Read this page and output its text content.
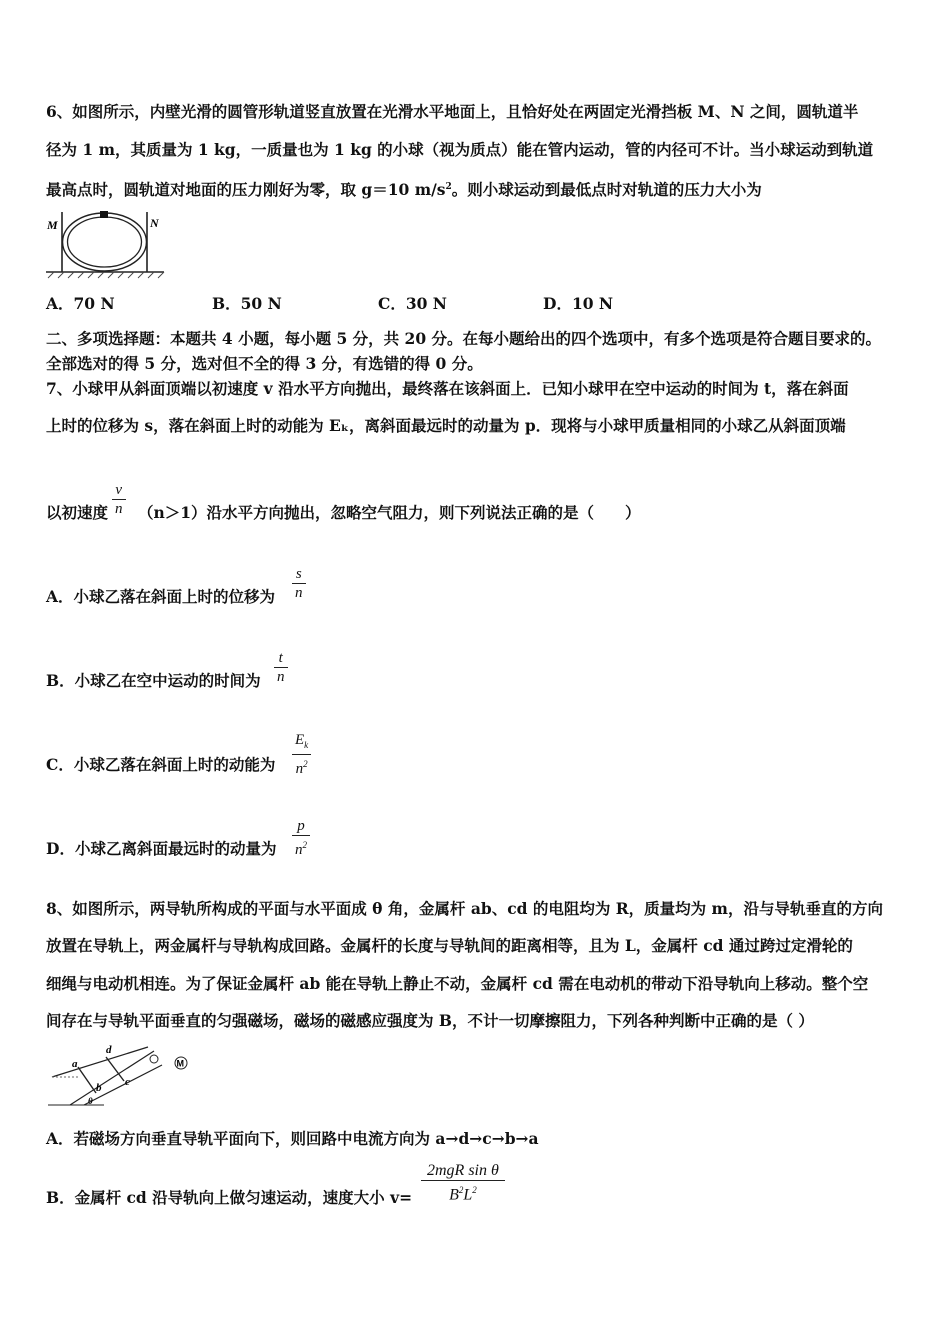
6、如图所示，内壁光滑的圆管形轨道竖直放置在光滑水平地面上，且恰好处在两固定光滑挡板 M、N 之间，圆轨道半
径为 1 m，其质量为 1 kg，一质量也为 1 kg 的小球（视为质点）能在管内运动，管的内径可不计。当小球运动到轨道
最高点时，圆轨道对地面的压力刚好为零，取 g＝10 $m/s^2$。则小球运动到最低点时对轨道的压力大小为
M	N
A．70 N	B．50 N	C．30 N	D．10 N
二、多项选择题：本题共 4 小题，每小题 5 分，共 20 分。在每小题给出的四个选项中，有多个选项是符合题目要求的。
全部选对的得 5 分，选对但不全的得 3 分，有选错的得 0 分。
7、小球甲从斜面顶端以初速度 v 沿水平方向抛出，最终落在该斜面上．已知小球甲在空中运动的时间为 t，落在斜面
上时的位移为 s，落在斜面上时的动能为 Eₖ，离斜面最远时的动量为 p．现将与小球甲质量相同的小球乙从斜面顶端
以初速度 $\frac{v}{n} (n>1)$沿水平方向抛出，忽略空气阻力，则下列说法正确的是（　　）
A．小球乙落在斜面上时的位移为 $\frac{s}{n}$
B．小球乙在空中运动的时间为 $\frac{t}{n}$
C．小球乙落在斜面上时的动能为 $\frac{E_k}{n^2}$
D．小球乙离斜面最远时的动量为 $\frac{p}{n^2}$
8、如图所示，两导轨所构成的平面与水平面成 θ 角，金属杆 ab、cd 的电阻均为 R，质量均为 m，沿与导轨垂直的方向
放置在导轨上，两金属杆与导轨构成回路。金属杆的长度与导轨间的距离相等，且为 L，金属杆 cd 通过跨过定滑轮的
细绳与电动机相连。为了保证金属杆 ab 能在导轨上静止不动，金属杆 cd 需在电动机的带动下沿导轨向上移动。整个空
间存在与导轨平面垂直的匀强磁场，磁场的磁感应强度为 B，不计一切摩擦阻力，下列各种判断中正确的是（ ）
M
a
b c
d
θ
A．若磁场方向垂直导轨平面向下，则回路中电流方向为 a→d→c→b→a
B．金属杆 cd 沿导轨向上做匀速运动，速度大小 v=
2mgR sin θ
$B^2L^2$
